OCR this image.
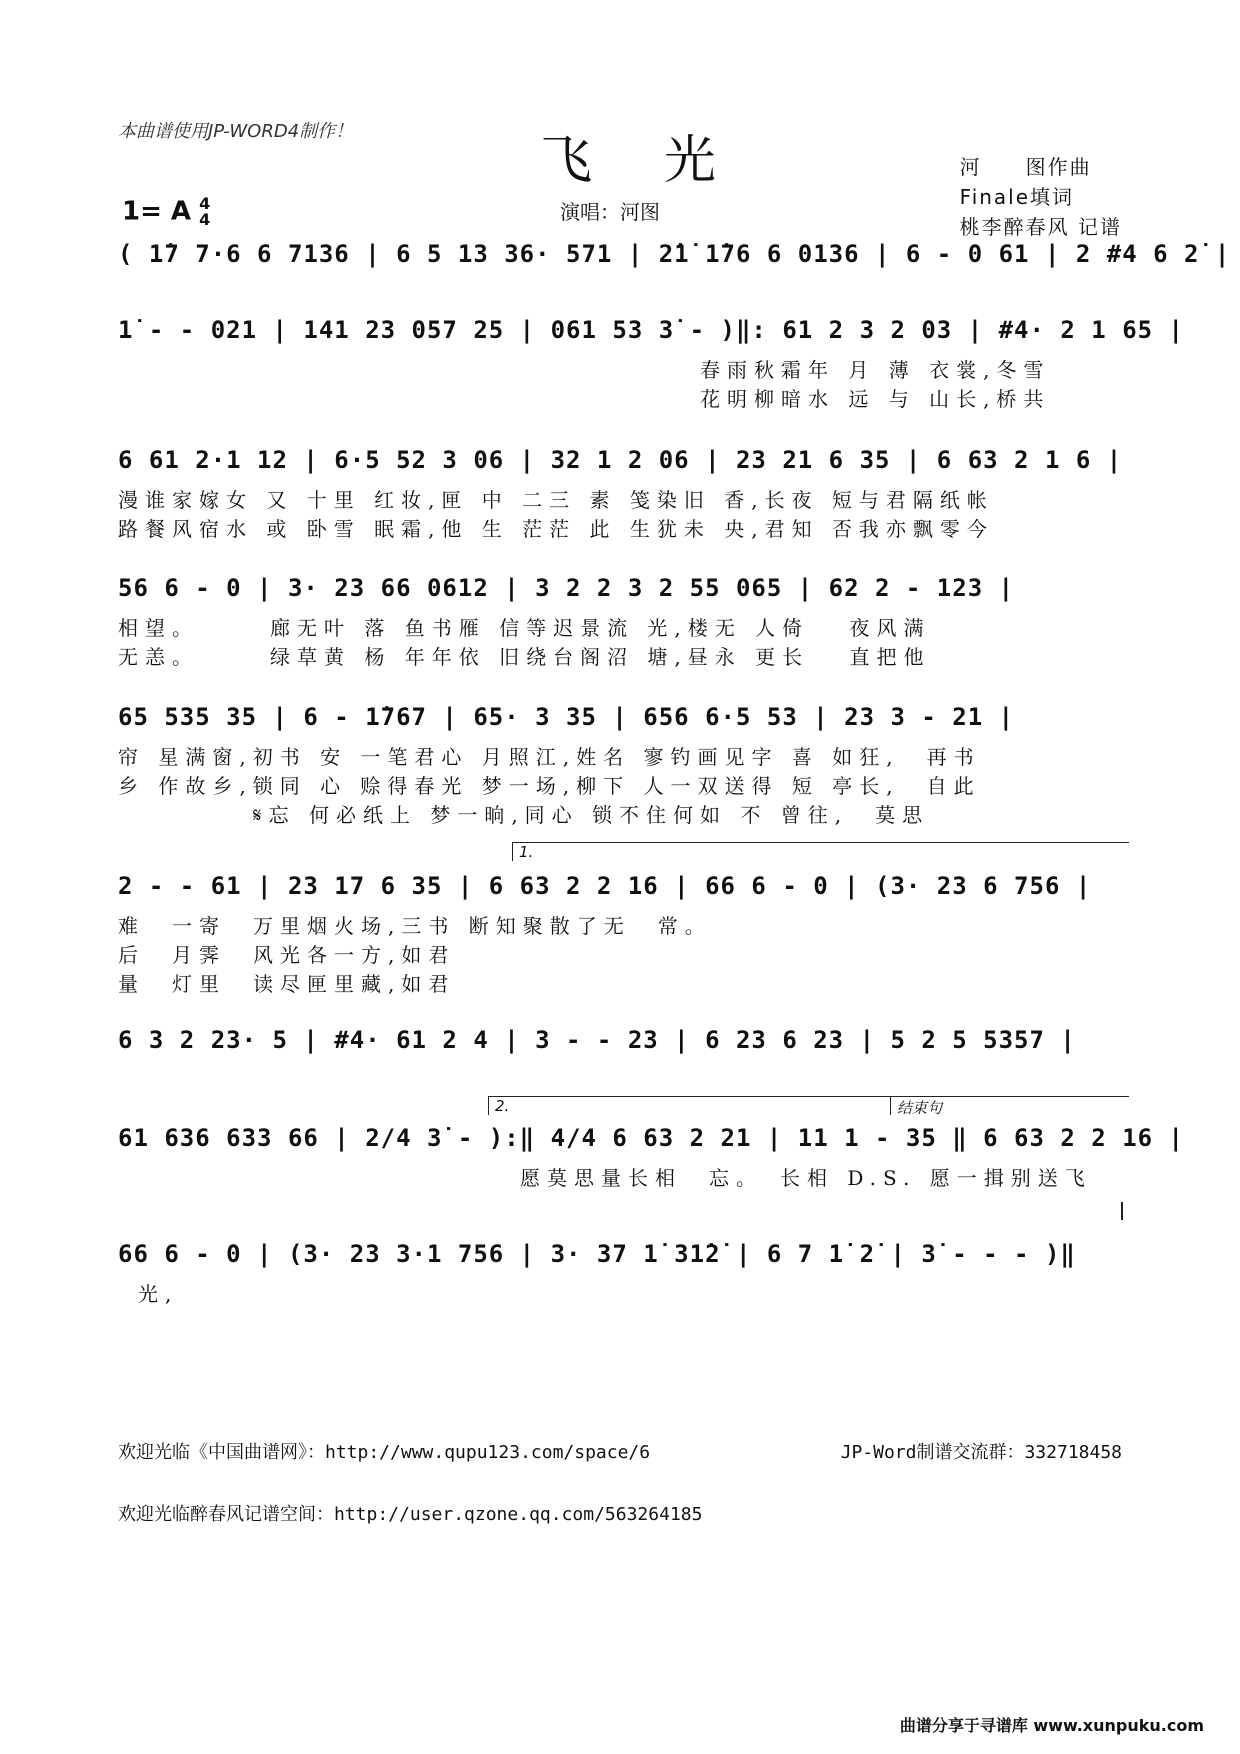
本曲谱使用JP-WORD4制作！	飞光
1= A 4
4	演唱：河图
河　　图作曲
Finale填词
桃李醉春风 记谱
( 1̇7 7·6 6 7136 | 6 5 13 36· 571 | 2̇1̇ 1̇76 6 0136 | 6 - 0 61 | 2 #4 6 2̇ |
1̇ - - 021 | 141 23 057 25 | 061 53 3̇ - )‖: 61 2 3 2 03 | #4· 2 1 65 |
春雨秋霜年 月 薄 衣裳,冬雪
花明柳暗水 远 与 山长,桥共
6 61 2·1 12 | 6·5 52 3 06 | 32 1 2 06 | 23 21 6 35 | 6 63 2 1 6 |
漫谁家嫁女 又 十里 红妆,匣 中 二三 素 笺染旧 香,长夜 短与君隔纸帐
路餐风宿水 或 卧雪 眠霜,他 生 茫茫 此 生犹未 央,君知 否我亦飘零今
56 6 - 0 | 3· 23 66 0612 | 3 2 2 3 2 55 065 | 62 2 - 123 |
相望。　　　廊无叶 落 鱼书雁 信等迟景流 光,楼无 人倚　 夜风满
无恙。　　　绿草黄 杨 年年依 旧绕台阁沼 塘,昼永 更长　 直把他
65 535 35 | 6 - 1̇767 | 65· 3 35 | 656 6·5 53 | 23 3 - 21 |
帘 星满窗,初书 安 一笔君心 月照江,姓名 寥钓画见字 喜 如狂,　再书
乡 作故乡,锁同 心 赊得春光 梦一场,柳下 人一双送得 短 亭长,　自此
　　　　　𝄋忘 何必纸上 梦一晌,同心 锁不住何如 不 曾往,　莫思
1.
2 - - 61 | 23 17 6 35 | 6 63 2 2 16 | 66 6 - 0 | (3· 23 6 756 |
难　一寄　万里烟火场,三书 断知聚散了无　常。
后　月霁　风光各一方,如君
量　灯里　读尽匣里藏,如君
6 3 2 23· 5 | #4· 61 2 4 | 3 - - 23 | 6 23 6 23 | 5 2 5 5357 |
2.	结束句
61 636 633 66 | 2/4 3̇ - ):‖ 4/4 6 63 2 21 | 11 1 - 35 ‖ 6 63 2 2 16 |
愿莫思量长相　忘。　长相 D.S. 愿一揖别送飞
66 6 - 0 | (3· 23 3·1 756 | 3· 37 1̇ 31̇2̇ | 6 7 1̇ 2̇ | 3̇ - - - )‖
光,
欢迎光临《中国曲谱网》：http://www.qupu123.com/space/6	JP-Word制谱交流群：332718458
欢迎光临醉春风记谱空间：http://user.qzone.qq.com/563264185
曲谱分享于寻谱库 www.xunpuku.com
